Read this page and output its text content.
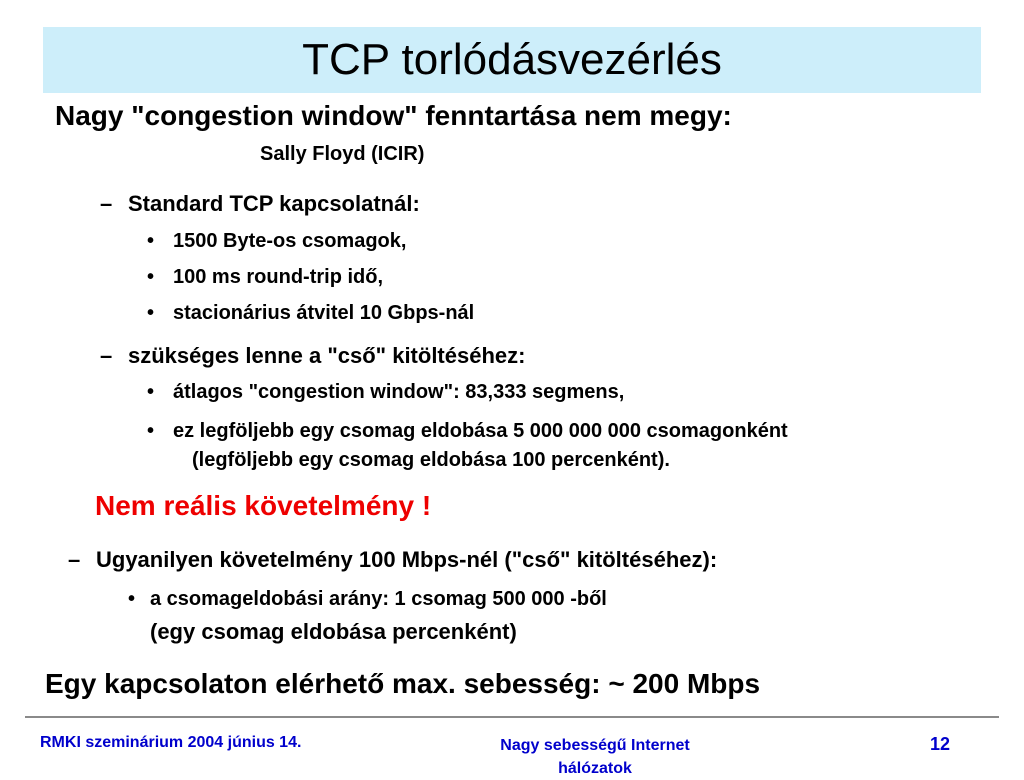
TCP torlódásvezérlés
Nagy "congestion window" fenntartása nem megy:
Sally Floyd (ICIR)
– Standard TCP kapcsolatnál:
• 1500 Byte-os csomagok,
• 100 ms round-trip idő,
• stacionárius átvitel 10 Gbps-nál
– szükséges lenne a "cső" kitöltéséhez:
• átlagos "congestion window": 83,333 segmens,
• ez legföljebb egy csomag eldobása 5 000 000 000 csomagonként
(legföljebb egy csomag eldobása 100 percenként).
Nem reális követelmény !
– Ugyanilyen követelmény 100 Mbps-nél ("cső" kitöltéséhez):
• a csomageldobási arány: 1 csomag 500 000 -ből
(egy csomag eldobása percenként)
Egy kapcsolaton elérhető max. sebesség: ~ 200 Mbps
RMKI szeminárium 2004 június 14.	Nagy sebességű Internet hálózatok
12
